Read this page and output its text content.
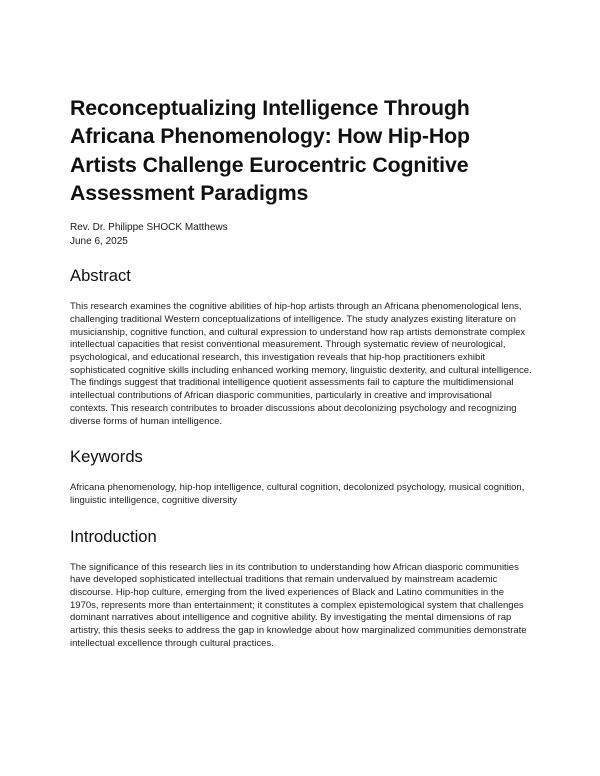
Reconceptualizing Intelligence Through Africana Phenomenology: How Hip-Hop Artists Challenge Eurocentric Cognitive Assessment Paradigms
Rev. Dr. Philippe SHOCK Matthews
June 6, 2025
Abstract

This research examines the cognitive abilities of hip-hop artists through an Africana phenomenological lens, challenging traditional Western conceptualizations of intelligence. The study analyzes existing literature on musicianship, cognitive function, and cultural expression to understand how rap artists demonstrate complex intellectual capacities that resist conventional measurement. Through systematic review of neurological, psychological, and educational research, this investigation reveals that hip-hop practitioners exhibit sophisticated cognitive skills including enhanced working memory, linguistic dexterity, and cultural intelligence. The findings suggest that traditional intelligence quotient assessments fail to capture the multidimensional intellectual contributions of African diasporic communities, particularly in creative and improvisational contexts. This research contributes to broader discussions about decolonizing psychology and recognizing diverse forms of human intelligence.

Keywords

Africana phenomenology, hip-hop intelligence, cultural cognition, decolonized psychology, musical cognition, linguistic intelligence, cognitive diversity

Introduction

The significance of this research lies in its contribution to understanding how African diasporic communities have developed sophisticated intellectual traditions that remain undervalued by mainstream academic discourse. Hip-hop culture, emerging from the lived experiences of Black and Latino communities in the 1970s, represents more than entertainment; it constitutes a complex epistemological system that challenges dominant narratives about intelligence and cognitive ability. By investigating the mental dimensions of rap artistry, this thesis seeks to address the gap in knowledge about how marginalized communities demonstrate intellectual excellence through cultural practices.
